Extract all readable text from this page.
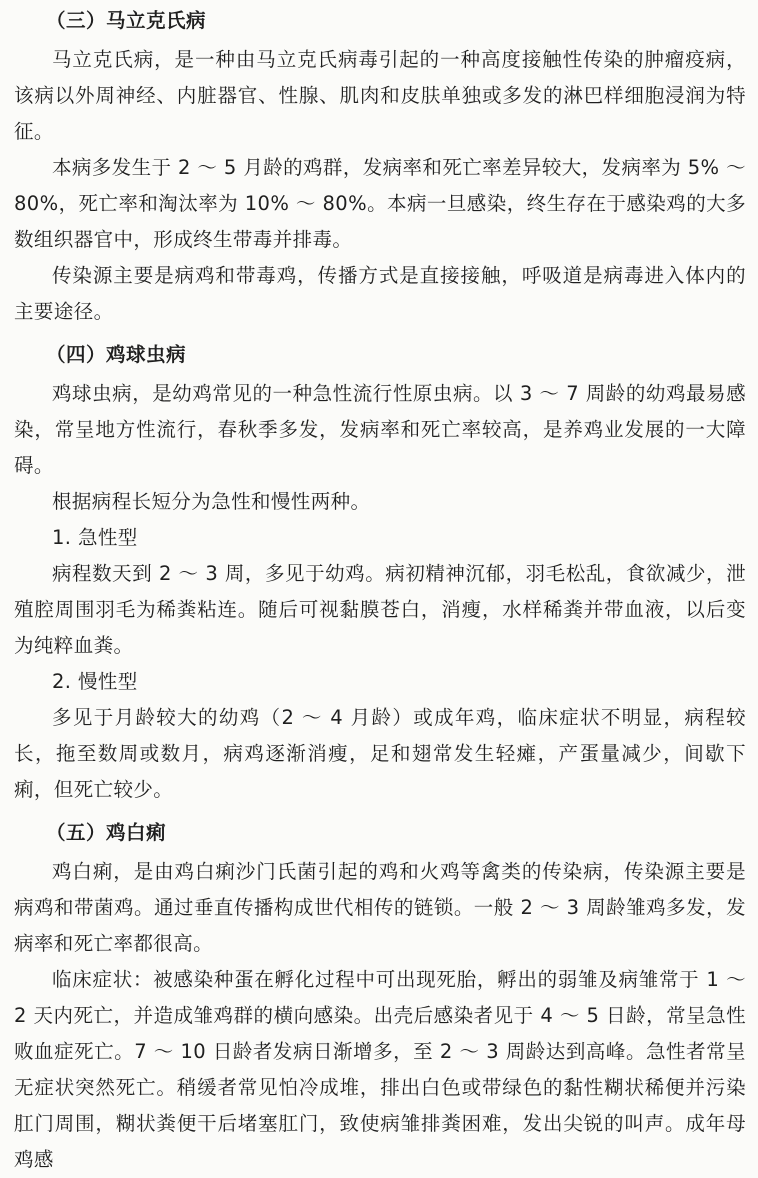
（三）马立克氏病

马立克氏病，是一种由马立克氏病毒引起的一种高度接触性传染的肿瘤疫病，该病以外周神经、内脏器官、性腺、肌肉和皮肤单独或多发的淋巴样细胞浸润为特征。

本病多发生于 2 ～ 5 月龄的鸡群，发病率和死亡率差异较大，发病率为 5% ～ 80%，死亡率和淘汰率为 10% ～ 80%。本病一旦感染，终生存在于感染鸡的大多数组织器官中，形成终生带毒并排毒。

传染源主要是病鸡和带毒鸡，传播方式是直接接触，呼吸道是病毒进入体内的主要途径。

（四）鸡球虫病

鸡球虫病，是幼鸡常见的一种急性流行性原虫病。以 3 ～ 7 周龄的幼鸡最易感染，常呈地方性流行，春秋季多发，发病率和死亡率较高，是养鸡业发展的一大障碍。

根据病程长短分为急性和慢性两种。

1. 急性型

病程数天到 2 ～ 3 周，多见于幼鸡。病初精神沉郁，羽毛松乱，食欲减少，泄殖腔周围羽毛为稀粪粘连。随后可视黏膜苍白，消瘦，水样稀粪并带血液，以后变为纯粹血粪。

2. 慢性型

多见于月龄较大的幼鸡（2 ～ 4 月龄）或成年鸡，临床症状不明显，病程较长，拖至数周或数月，病鸡逐渐消瘦，足和翅常发生轻瘫，产蛋量减少，间歇下痢，但死亡较少。

（五）鸡白痢

鸡白痢，是由鸡白痢沙门氏菌引起的鸡和火鸡等禽类的传染病，传染源主要是病鸡和带菌鸡。通过垂直传播构成世代相传的链锁。一般 2 ～ 3 周龄雏鸡多发，发病率和死亡率都很高。

临床症状：被感染种蛋在孵化过程中可出现死胎，孵出的弱雏及病雏常于 1 ～ 2 天内死亡，并造成雏鸡群的横向感染。出壳后感染者见于 4 ～ 5 日龄，常呈急性败血症死亡。7 ～ 10 日龄者发病日渐增多，至 2 ～ 3 周龄达到高峰。急性者常呈无症状突然死亡。稍缓者常见怕冷成堆，排出白色或带绿色的黏性糊状稀便并污染肛门周围，糊状粪便干后堵塞肛门，致使病雏排粪困难，发出尖锐的叫声。成年母鸡感
